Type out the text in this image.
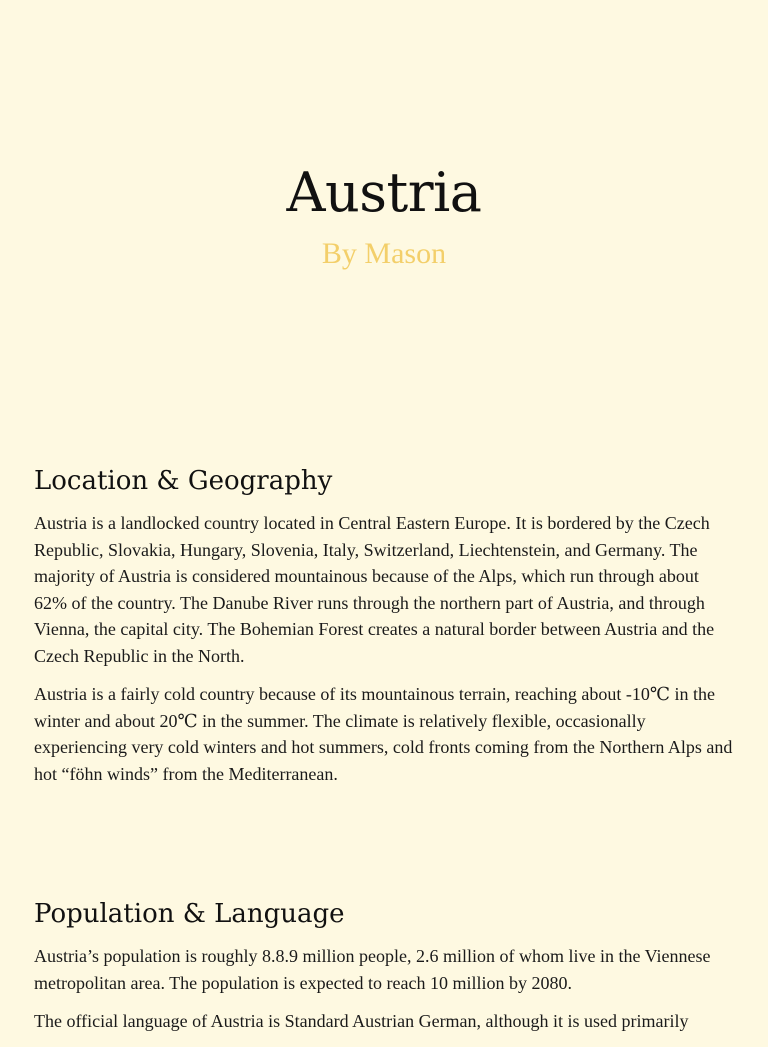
Austria

By Mason

Location & Geography

Austria is a landlocked country located in Central Eastern Europe. It is bordered by the Czech Republic, Slovakia, Hungary, Slovenia, Italy, Switzerland, Liechtenstein, and Germany. The majority of Austria is considered mountainous because of the Alps, which run through about 62% of the country. The Danube River runs through the northern part of Austria, and through Vienna, the capital city. The Bohemian Forest creates a natural border between Austria and the Czech Republic in the North.

Austria is a fairly cold country because of its mountainous terrain, reaching about -10℃ in the winter and about 20℃ in the summer. The climate is relatively flexible, occasionally experiencing very cold winters and hot summers, cold fronts coming from the Northern Alps and hot “föhn winds” from the Mediterranean.

Population & Language

Austria’s population is roughly 8.8.9 million people, 2.6 million of whom live in the Viennese metropolitan area. The population is expected to reach 10 million by 2080.

The official language of Austria is Standard Austrian German, although it is used primarily
